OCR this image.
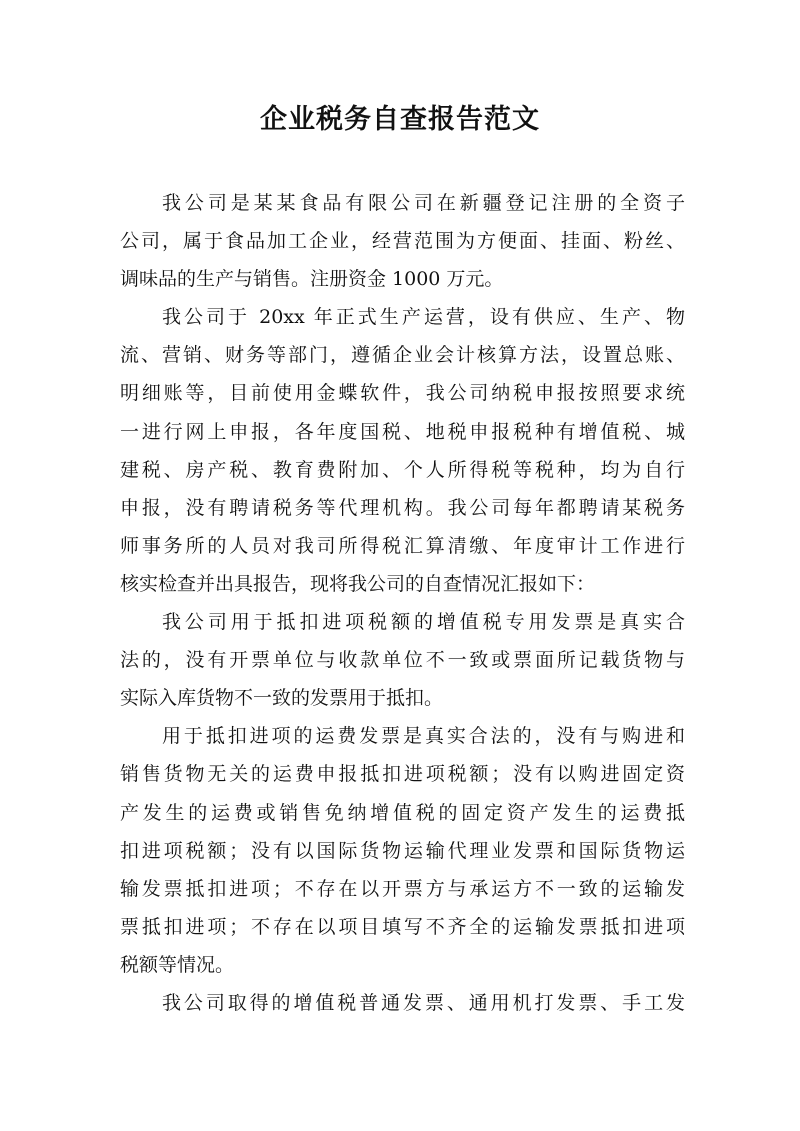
企业税务自查报告范文
我公司是某某食品有限公司在新疆登记注册的全资子
公司，属于食品加工企业，经营范围为方便面、挂面、粉丝、
调味品的生产与销售。注册资金 1000 万元。
我公司于 20xx 年正式生产运营，设有供应、生产、物
流、营销、财务等部门，遵循企业会计核算方法，设置总账、
明细账等，目前使用金蝶软件，我公司纳税申报按照要求统
一进行网上申报，各年度国税、地税申报税种有增值税、城
建税、房产税、教育费附加、个人所得税等税种，均为自行
申报，没有聘请税务等代理机构。我公司每年都聘请某税务
师事务所的人员对我司所得税汇算清缴、年度审计工作进行
核实检查并出具报告，现将我公司的自查情况汇报如下：
我公司用于抵扣进项税额的增值税专用发票是真实合
法的，没有开票单位与收款单位不一致或票面所记载货物与
实际入库货物不一致的发票用于抵扣。
用于抵扣进项的运费发票是真实合法的，没有与购进和
销售货物无关的运费申报抵扣进项税额；没有以购进固定资
产发生的运费或销售免纳增值税的固定资产发生的运费抵
扣进项税额；没有以国际货物运输代理业发票和国际货物运
输发票抵扣进项；不存在以开票方与承运方不一致的运输发
票抵扣进项；不存在以项目填写不齐全的运输发票抵扣进项
税额等情况。
我公司取得的增值税普通发票、通用机打发票、手工发
